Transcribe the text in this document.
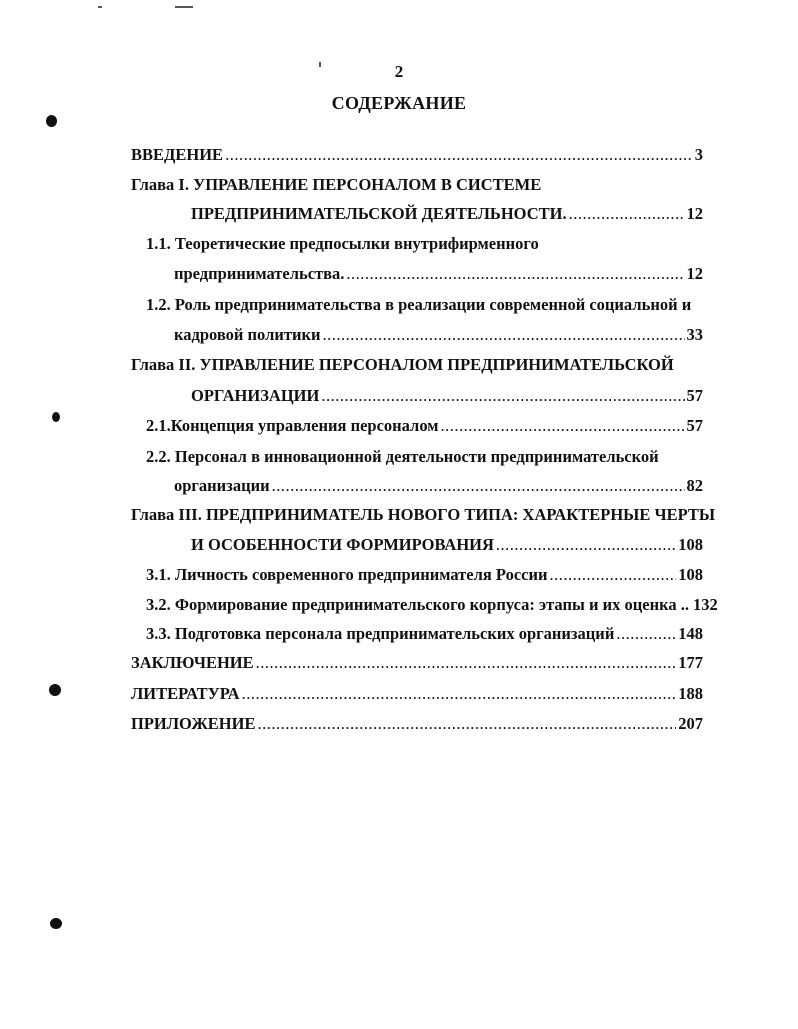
2
СОДЕРЖАНИЕ
ВВЕДЕНИЕ .....	3
Глава I. УПРАВЛЕНИЕ ПЕРСОНАЛОМ В СИСТЕМЕ
ПРЕДПРИНИМАТЕЛЬСКОЙ ДЕЯТЕЛЬНОСТИ. .....	12
1.1. Теоретические предпосылки внутрифирменного
предпринимательства. .....	12
1.2. Роль предпринимательства в реализации современной социальной и
кадровой политики .....	33
Глава II. УПРАВЛЕНИЕ ПЕРСОНАЛОМ ПРЕДПРИНИМАТЕЛЬСКОЙ
ОРГАНИЗАЦИИ .....	57
2.1.Концепция управления персоналом .....	57
2.2. Персонал в инновационной деятельности предпринимательской
организации .....	82
Глава III. ПРЕДПРИНИМАТЕЛЬ НОВОГО ТИПА: ХАРАКТЕРНЫЕ ЧЕРТЫ
И ОСОБЕННОСТИ ФОРМИРОВАНИЯ .....	108
3.1. Личность современного предпринимателя России .....	108
3.2. Формирование предпринимательского корпуса: этапы и их оценка .. 132
3.3. Подготовка персонала предпринимательских организаций .....	148
ЗАКЛЮЧЕНИЕ .....	177
ЛИТЕРАТУРА .....	188
ПРИЛОЖЕНИЕ .....	207
